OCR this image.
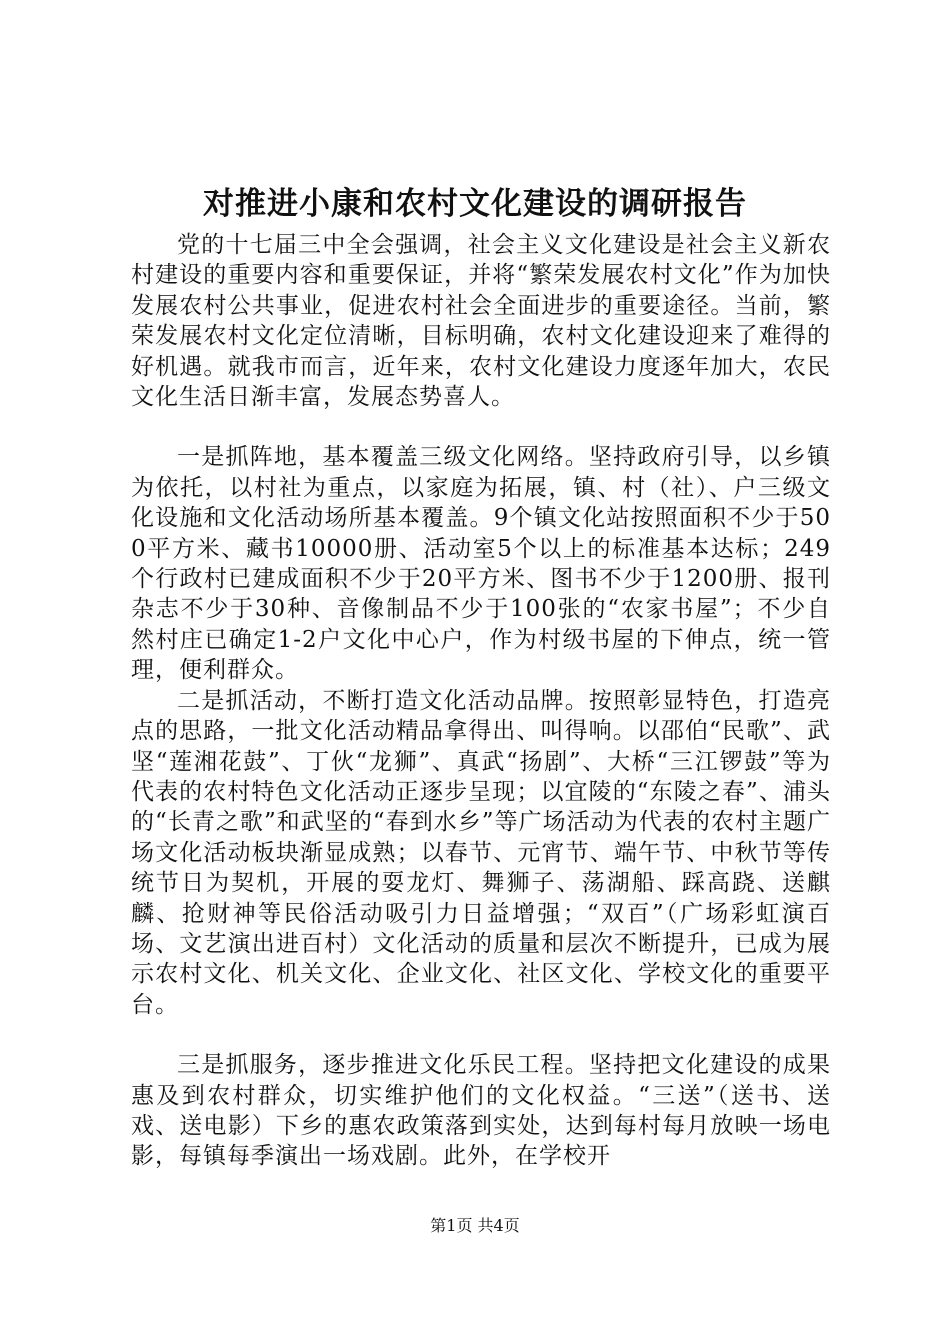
对推进小康和农村文化建设的调研报告

党的十七届三中全会强调，社会主义文化建设是社会主义新农村建设的重要内容和重要保证，并将“繁荣发展农村文化”作为加快发展农村公共事业，促进农村社会全面进步的重要途径。当前，繁荣发展农村文化定位清晰，目标明确，农村文化建设迎来了难得的好机遇。就我市而言，近年来，农村文化建设力度逐年加大，农民文化生活日渐丰富，发展态势喜人。

一是抓阵地，基本覆盖三级文化网络。坚持政府引导，以乡镇为依托，以村社为重点，以家庭为拓展，镇、村（社）、户三级文化设施和文化活动场所基本覆盖。9个镇文化站按照面积不少于500平方米、藏书10000册、活动室5个以上的标准基本达标；249个行政村已建成面积不少于20平方米、图书不少于1200册、报刊杂志不少于30种、音像制品不少于100张的“农家书屋”；不少自然村庄已确定1-2户文化中心户，作为村级书屋的下伸点，统一管理，便利群众。

二是抓活动，不断打造文化活动品牌。按照彰显特色，打造亮点的思路，一批文化活动精品拿得出、叫得响。以邵伯“民歌”、武坚“莲湘花鼓”、丁伙“龙狮”、真武“扬剧”、大桥“三江锣鼓”等为代表的农村特色文化活动正逐步呈现；以宜陵的“东陵之春”、浦头的“长青之歌”和武坚的“春到水乡”等广场活动为代表的农村主题广场文化活动板块渐显成熟；以春节、元宵节、端午节、中秋节等传统节日为契机，开展的耍龙灯、舞狮子、荡湖船、踩高跷、送麒麟、抢财神等民俗活动吸引力日益增强；“双百”（广场彩虹演百场、文艺演出进百村）文化活动的质量和层次不断提升，已成为展示农村文化、机关文化、企业文化、社区文化、学校文化的重要平台。

三是抓服务，逐步推进文化乐民工程。坚持把文化建设的成果惠及到农村群众，切实维护他们的文化权益。“三送”（送书、送戏、送电影）下乡的惠农政策落到实处，达到每村每月放映一场电影，每镇每季演出一场戏剧。此外，在学校开

第1页 共4页
